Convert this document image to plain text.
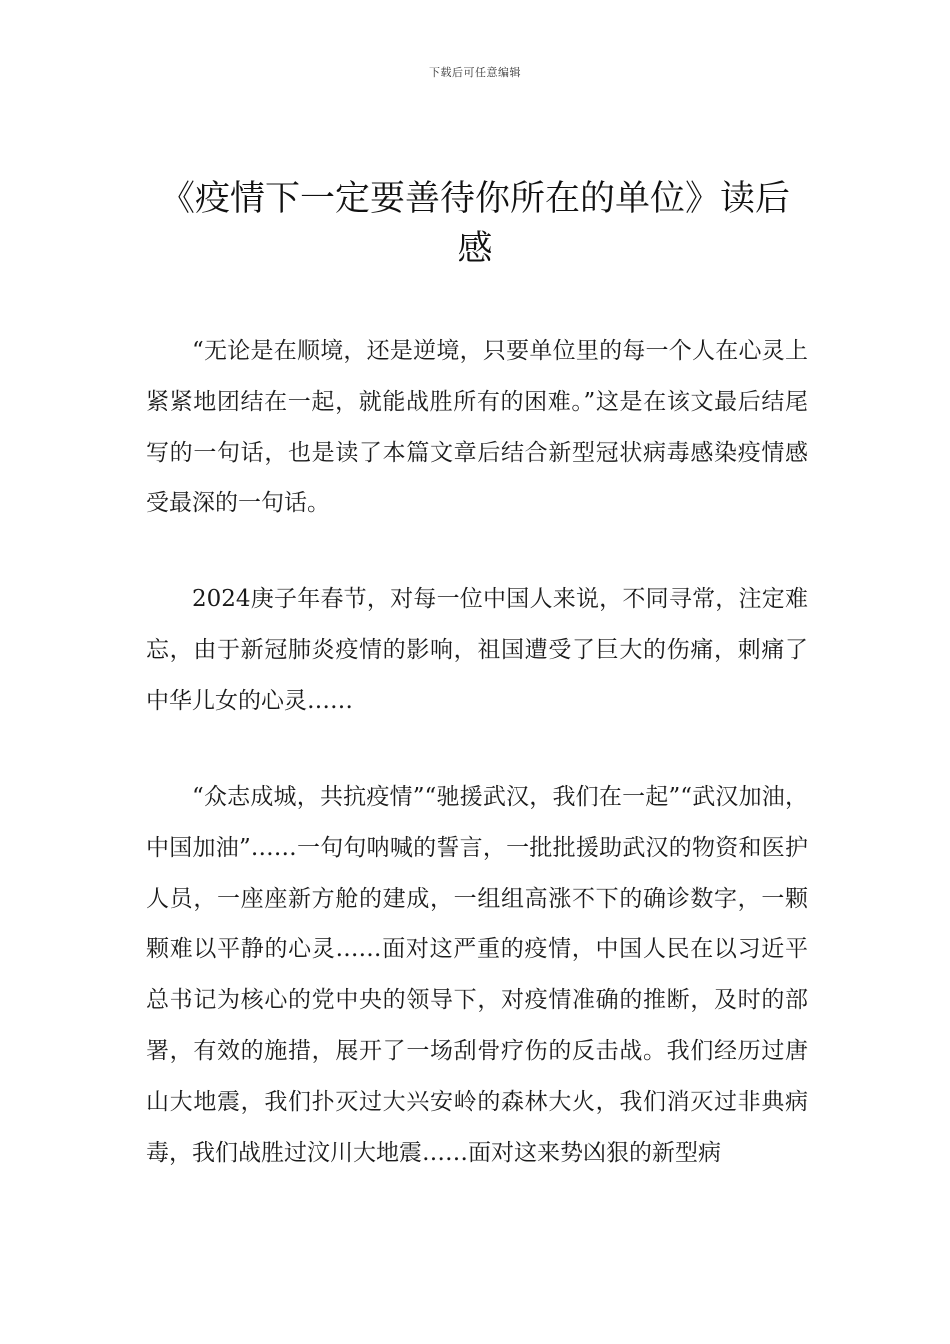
下载后可任意编辑
《疫情下一定要善待你所在的单位》读后感

“无论是在顺境，还是逆境，只要单位里的每一个人在心灵上紧紧地团结在一起，就能战胜所有的困难。”这是在该文最后结尾写的一句话，也是读了本篇文章后结合新型冠状病毒感染疫情感受最深的一句话。

2024庚子年春节，对每一位中国人来说，不同寻常，注定难忘，由于新冠肺炎疫情的影响，祖国遭受了巨大的伤痛，刺痛了中华儿女的心灵……

“众志成城，共抗疫情”“驰援武汉，我们在一起”“武汉加油，中国加油”……一句句呐喊的誓言，一批批援助武汉的物资和医护人员，一座座新方舱的建成，一组组高涨不下的确诊数字，一颗颗难以平静的心灵……面对这严重的疫情，中国人民在以习近平总书记为核心的党中央的领导下，对疫情准确的推断，及时的部署，有效的施措，展开了一场刮骨疗伤的反击战。我们经历过唐山大地震，我们扑灭过大兴安岭的森林大火，我们消灭过非典病毒，我们战胜过汶川大地震……面对这来势凶狠的新型病
